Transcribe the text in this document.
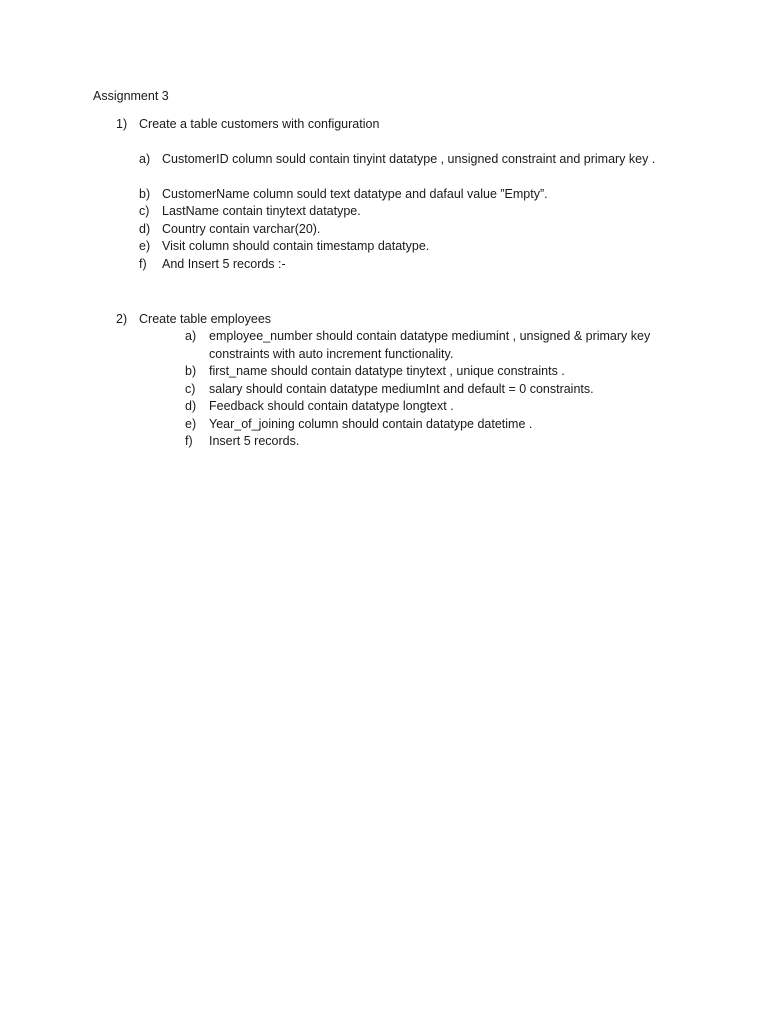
Assignment 3
1) Create a table customers with configuration
a) CustomerID column sould contain tinyint datatype , unsigned constraint and primary key .
b) CustomerName column sould text datatype and dafaul value ”Empty”.
c) LastName contain tinytext datatype.
d) Country contain varchar(20).
e) Visit column should contain timestamp datatype.
f) And Insert 5 records :-
2) Create table employees
a) employee_number should contain datatype mediumint , unsigned & primary key constraints with auto increment functionality.
b) first_name should contain datatype tinytext , unique constraints .
c) salary should contain datatype mediumInt and default = 0 constraints.
d) Feedback should contain datatype longtext .
e) Year_of_joining column should contain datatype datetime .
f) Insert 5 records.
